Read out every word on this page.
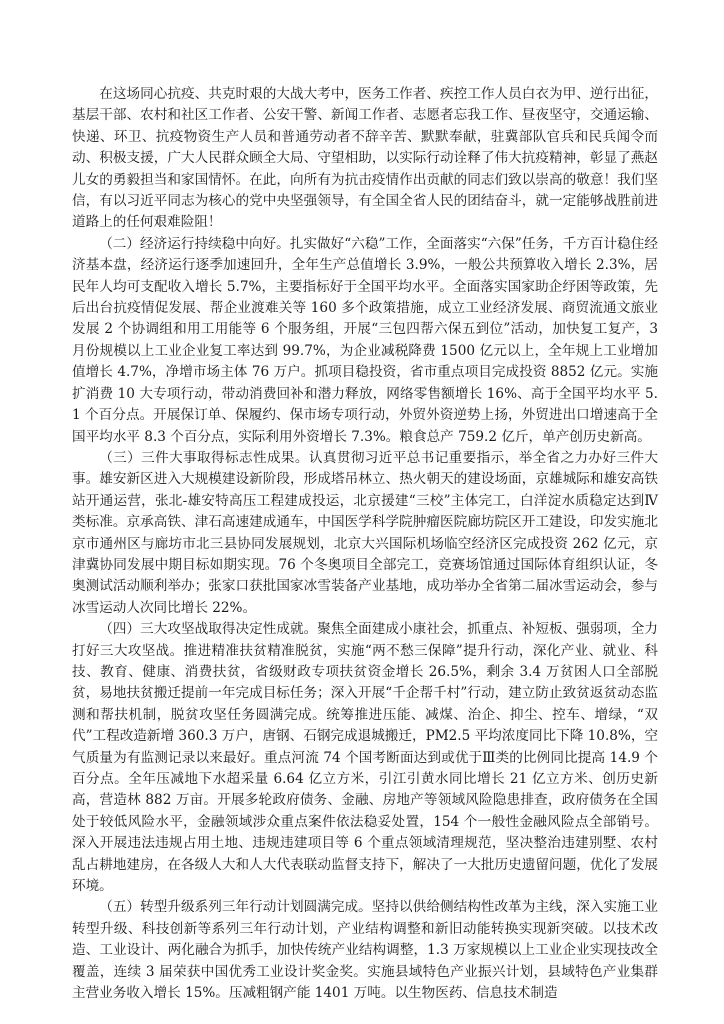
在这场同心抗疫、共克时艰的大战大考中，医务工作者、疾控工作人员白衣为甲、逆行出征，基层干部、农村和社区工作者、公安干警、新闻工作者、志愿者忘我工作、昼夜坚守，交通运输、快递、环卫、抗疫物资生产人员和普通劳动者不辞辛苦、默默奉献，驻冀部队官兵和民兵闻令而动、积极支援，广大人民群众顾全大局、守望相助，以实际行动诠释了伟大抗疫精神，彰显了燕赵儿女的勇毅担当和家国情怀。在此，向所有为抗击疫情作出贡献的同志们致以崇高的敬意！我们坚信，有以习近平同志为核心的党中央坚强领导，有全国全省人民的团结奋斗，就一定能够战胜前进道路上的任何艰难险阻！

（二）经济运行持续稳中向好。扎实做好“六稳”工作，全面落实“六保”任务，千方百计稳住经济基本盘，经济运行逐季加速回升，全年生产总值增长 3.9%，一般公共预算收入增长 2.3%，居民年人均可支配收入增长 5.7%，主要指标好于全国平均水平。全面落实国家助企纾困等政策，先后出台抗疫情促发展、帮企业渡难关等 160 多个政策措施，成立工业经济发展、商贸流通文旅业发展 2 个协调组和用工用能等 6 个服务组，开展“三包四帮六保五到位”活动，加快复工复产，3 月份规模以上工业企业复工率达到 99.7%，为企业减税降费 1500 亿元以上，全年规上工业增加值增长 4.7%，净增市场主体 76 万户。抓项目稳投资，省市重点项目完成投资 8852 亿元。实施扩消费 10 大专项行动，带动消费回补和潜力释放，网络零售额增长 16%、高于全国平均水平 5.1 个百分点。开展保订单、保履约、保市场专项行动，外贸外资逆势上扬，外贸进出口增速高于全国平均水平 8.3 个百分点，实际利用外资增长 7.3%。粮食总产 759.2 亿斤，单产创历史新高。

（三）三件大事取得标志性成果。认真贯彻习近平总书记重要指示，举全省之力办好三件大事。雄安新区进入大规模建设新阶段，形成塔吊林立、热火朝天的建设场面，京雄城际和雄安高铁站开通运营，张北-雄安特高压工程建成投运，北京援建“三校”主体完工，白洋淀水质稳定达到Ⅳ类标准。京承高铁、津石高速建成通车，中国医学科学院肿瘤医院廊坊院区开工建设，印发实施北京市通州区与廊坊市北三县协同发展规划，北京大兴国际机场临空经济区完成投资 262 亿元，京津冀协同发展中期目标如期实现。76 个冬奥项目全部完工，竞赛场馆通过国际体育组织认证，冬奥测试活动顺利举办；张家口获批国家冰雪装备产业基地，成功举办全省第二届冰雪运动会，参与冰雪运动人次同比增长 22%。

（四）三大攻坚战取得决定性成就。聚焦全面建成小康社会，抓重点、补短板、强弱项，全力打好三大攻坚战。推进精准扶贫精准脱贫，实施“两不愁三保障”提升行动，深化产业、就业、科技、教育、健康、消费扶贫，省级财政专项扶贫资金增长 26.5%，剩余 3.4 万贫困人口全部脱贫，易地扶贫搬迁提前一年完成目标任务；深入开展“千企帮千村”行动，建立防止致贫返贫动态监测和帮扶机制，脱贫攻坚任务圆满完成。统筹推进压能、减煤、治企、抑尘、控车、增绿，“双代”工程改造新增 360.3 万户，唐钢、石钢完成退城搬迁，PM2.5 平均浓度同比下降 10.8%，空气质量为有监测记录以来最好。重点河流 74 个国考断面达到或优于Ⅲ类的比例同比提高 14.9 个百分点。全年压减地下水超采量 6.64 亿立方米，引江引黄水同比增长 21 亿立方米、创历史新高，营造林 882 万亩。开展多轮政府债务、金融、房地产等领域风险隐患排查，政府债务在全国处于较低风险水平，金融领域涉众重点案件依法稳妥处置，154 个一般性金融风险点全部销号。深入开展违法违规占用土地、违规违建项目等 6 个重点领域清理规范，坚决整治违建别墅、农村乱占耕地建房，在各级人大和人大代表联动监督支持下，解决了一大批历史遗留问题，优化了发展环境。

（五）转型升级系列三年行动计划圆满完成。坚持以供给侧结构性改革为主线，深入实施工业转型升级、科技创新等系列三年行动计划，产业结构调整和新旧动能转换实现新突破。以技术改造、工业设计、两化融合为抓手，加快传统产业结构调整，1.3 万家规模以上工业企业实现技改全覆盖，连续 3 届荣获中国优秀工业设计奖金奖。实施县域特色产业振兴计划，县域特色产业集群主营业务收入增长 15%。压减粗钢产能 1401 万吨。以生物医药、信息技术制造
